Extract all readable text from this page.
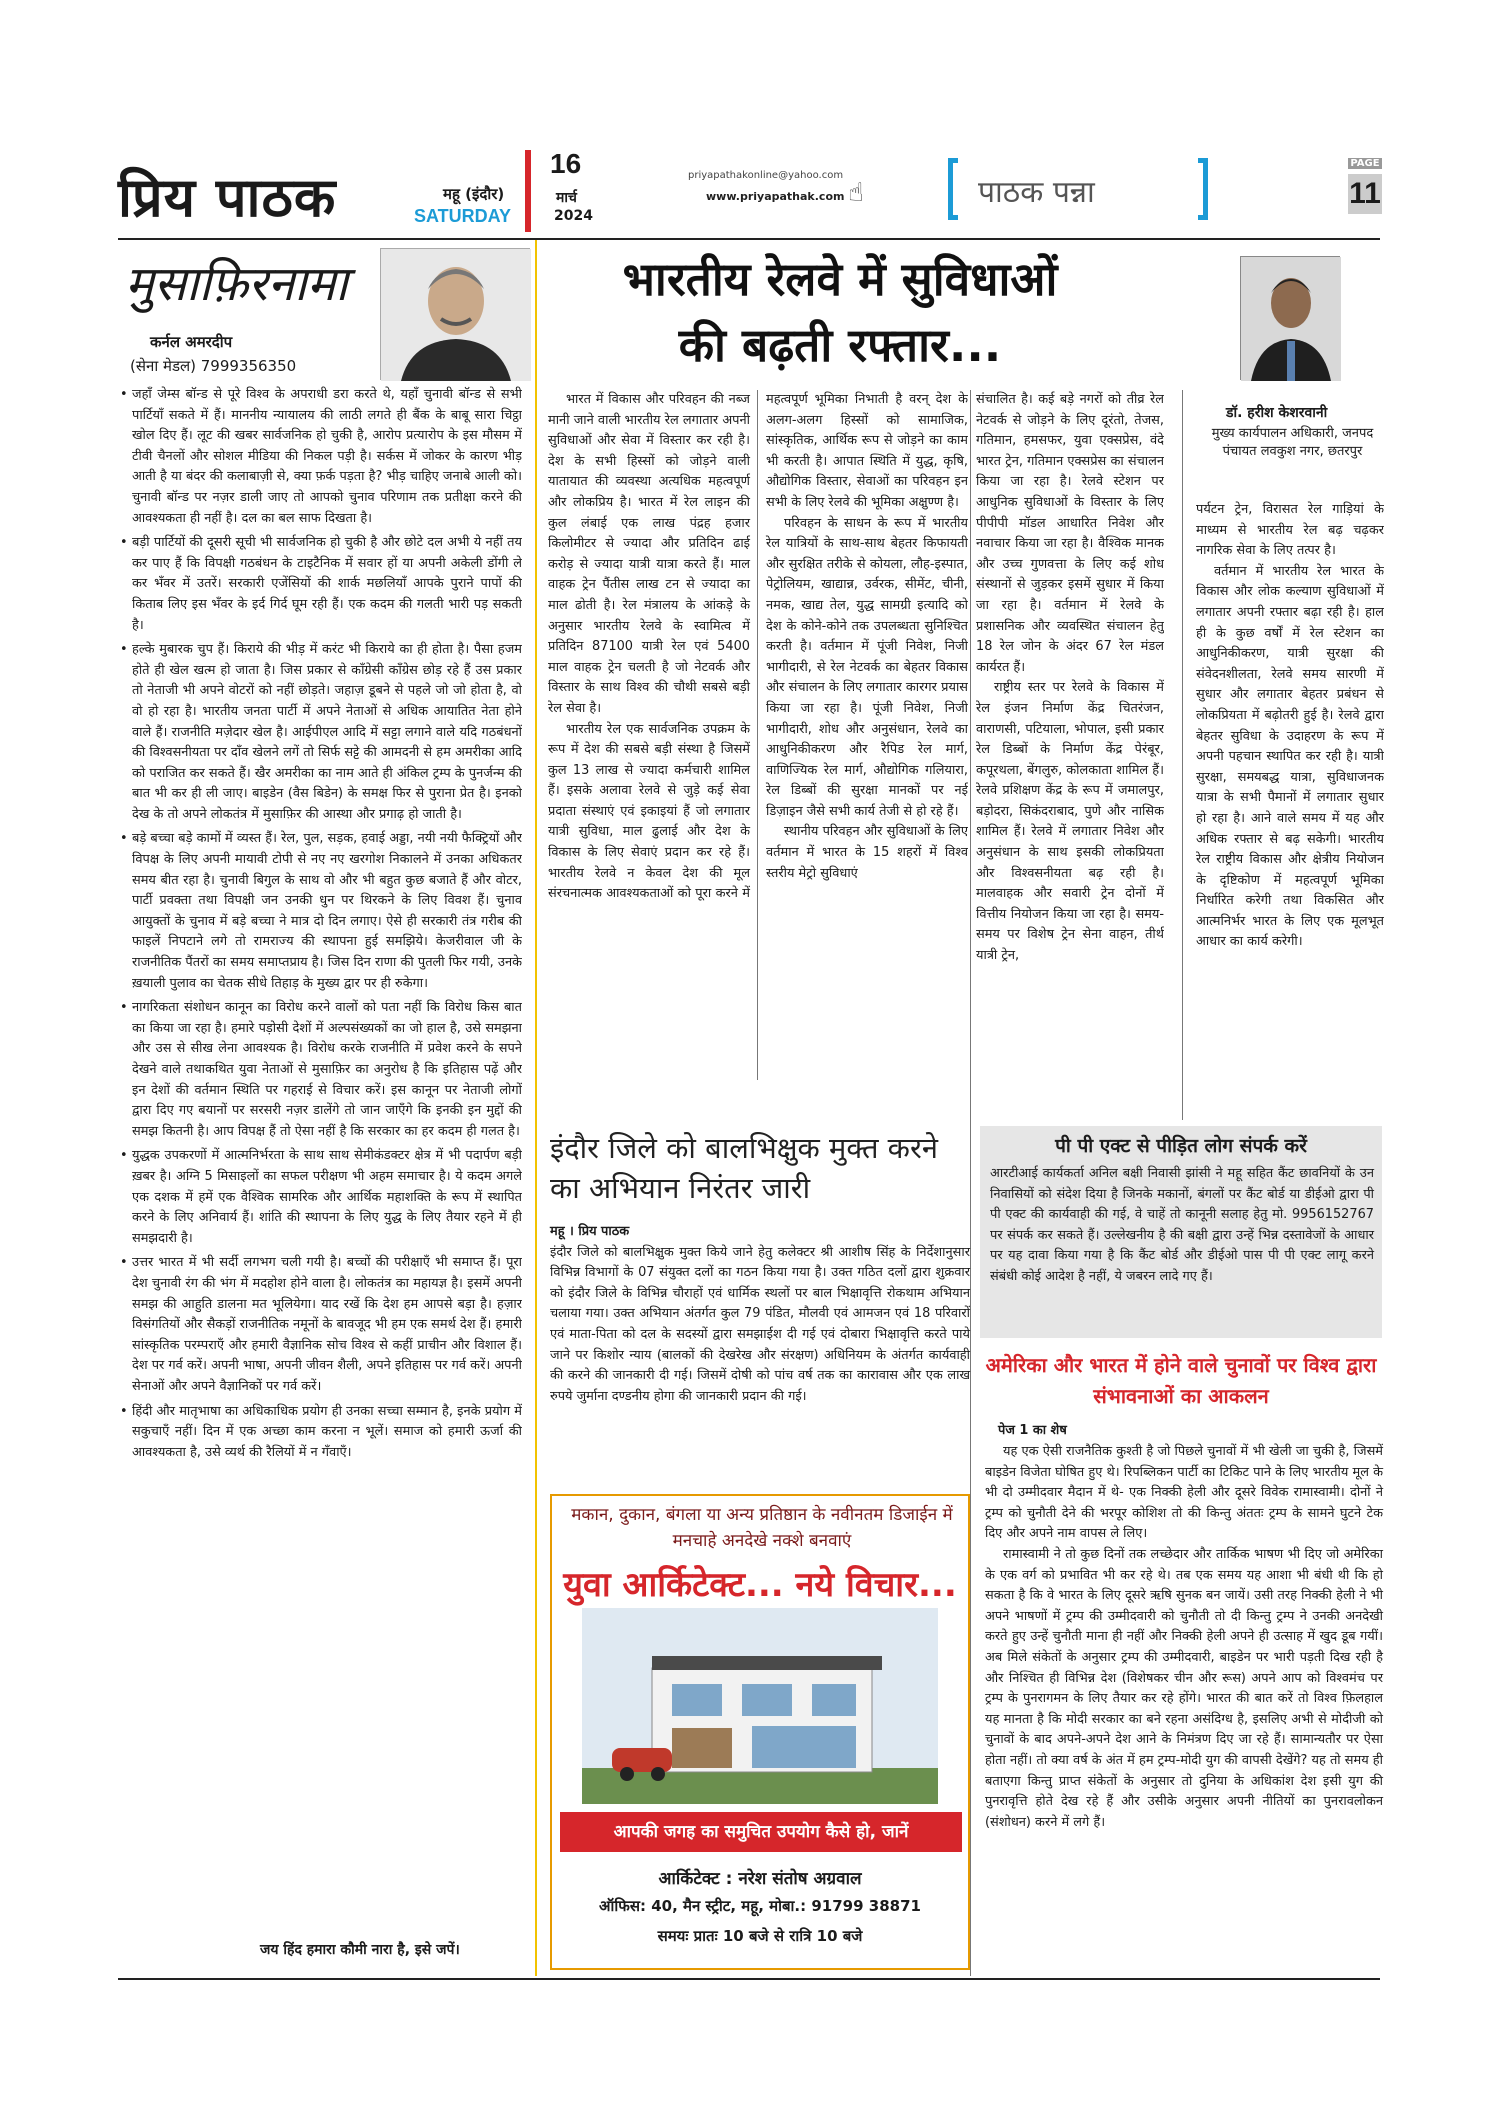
प्रिय पाठक	महू (इंदौर)
SATURDAY
16
मार्च
2024
priyapathakonline@yahoo.com
www.priyapathak.com ☝	पाठक पन्ना
PAGE
11
मुसाफ़िरनामा
कर्नल अमरदीप
(सेना मेडल) 7999356350
• जहाँ जेम्स बॉन्ड से पूरे विश्व के अपराधी डरा करते थे, यहाँ चुनावी बॉन्ड से सभी पार्टियाँ सकते में हैं। माननीय न्यायालय की लाठी लगते ही बैंक के बाबू सारा चिट्ठा खोल दिए हैं। लूट की खबर सार्वजनिक हो चुकी है, आरोप प्रत्यारोप के इस मौसम में टीवी चैनलों और सोशल मीडिया की निकल पड़ी है। सर्कस में जोकर के कारण भीड़ आती है या बंदर की कलाबाज़ी से, क्या फ़र्क पड़ता है? भीड़ चाहिए जनाबे आली को। चुनावी बॉन्ड पर नज़र डाली जाए तो आपको चुनाव परिणाम तक प्रतीक्षा करने की आवश्यकता ही नहीं है। दल का बल साफ दिखता है।
• बड़ी पार्टियों की दूसरी सूची भी सार्वजनिक हो चुकी है और छोटे दल अभी ये नहीं तय कर पाए हैं कि विपक्षी गठबंधन के टाइटैनिक में सवार हों या अपनी अकेली डोंगी ले कर भँवर में उतरें। सरकारी एजेंसियों की शार्क मछलियाँ आपके पुराने पापों की किताब लिए इस भँवर के इर्द गिर्द घूम रही हैं। एक कदम की गलती भारी पड़ सकती है।
• हल्के मुबारक चुप हैं। किराये की भीड़ में करंट भी किराये का ही होता है। पैसा हजम होते ही खेल खत्म हो जाता है। जिस प्रकार से कॉंग्रेसी कॉंग्रेस छोड़ रहे हैं उस प्रकार तो नेताजी भी अपने वोटरों को नहीं छोड़ते। जहाज़ डूबने से पहले जो जो होता है, वो वो हो रहा है। भारतीय जनता पार्टी में अपने नेताओं से अधिक आयातित नेता होने वाले हैं। राजनीति मज़ेदार खेल है। आईपीएल आदि में सट्टा लगाने वाले यदि गठबंधनों की विश्वसनीयता पर दाँव खेलने लगें तो सिर्फ सट्टे की आमदनी से हम अमरीका आदि को पराजित कर सकते हैं। खैर अमरीका का नाम आते ही अंकिल ट्रम्प के पुनर्जन्म की बात भी कर ही ली जाए। बाइडेन (वैस बिडेन) के समक्ष फिर से पुराना प्रेत है। इनको देख के तो अपने लोकतंत्र में मुसाफ़िर की आस्था और प्रगाढ़ हो जाती है।
• बड़े बच्चा बड़े कामों में व्यस्त हैं। रेल, पुल, सड़क, हवाई अड्डा, नयी नयी फैक्ट्रियों और विपक्ष के लिए अपनी मायावी टोपी से नए नए खरगोश निकालने में उनका अधिकतर समय बीत रहा है। चुनावी बिगुल के साथ वो और भी बहुत कुछ बजाते हैं और वोटर, पार्टी प्रवक्ता तथा विपक्षी जन उनकी धुन पर थिरकने के लिए विवश हैं। चुनाव आयुक्तों के चुनाव में बड़े बच्चा ने मात्र दो दिन लगाए। ऐसे ही सरकारी तंत्र गरीब की फाइलें निपटाने लगे तो रामराज्य की स्थापना हुई समझिये। केजरीवाल जी के राजनीतिक पैंतरों का समय समाप्तप्राय है। जिस दिन राणा की पुतली फिर गयी, उनके ख़याली पुलाव का चेतक सीधे तिहाड़ के मुख्य द्वार पर ही रुकेगा।
• नागरिकता संशोधन कानून का विरोध करने वालों को पता नहीं कि विरोध किस बात का किया जा रहा है। हमारे पड़ोसी देशों में अल्पसंख्यकों का जो हाल है, उसे समझना और उस से सीख लेना आवश्यक है। विरोध करके राजनीति में प्रवेश करने के सपने देखने वाले तथाकथित युवा नेताओं से मुसाफ़िर का अनुरोध है कि इतिहास पढ़ें और इन देशों की वर्तमान स्थिति पर गहराई से विचार करें। इस कानून पर नेताजी लोगों द्वारा दिए गए बयानों पर सरसरी नज़र डालेंगे तो जान जाएँगे कि इनकी इन मुद्दों की समझ कितनी है। आप विपक्ष हैं तो ऐसा नहीं है कि सरकार का हर कदम ही गलत है।
• युद्धक उपकरणों में आत्मनिर्भरता के साथ साथ सेमीकंडक्टर क्षेत्र में भी पदार्पण बड़ी ख़बर है। अग्नि 5 मिसाइलों का सफल परीक्षण भी अहम समाचार है। ये कदम अगले एक दशक में हमें एक वैश्विक सामरिक और आर्थिक महाशक्ति के रूप में स्थापित करने के लिए अनिवार्य हैं। शांति की स्थापना के लिए युद्ध के लिए तैयार रहने में ही समझदारी है।
• उत्तर भारत में भी सर्दी लगभग चली गयी है। बच्चों की परीक्षाएँ भी समाप्त हैं। पूरा देश चुनावी रंग की भंग में मदहोश होने वाला है। लोकतंत्र का महायज्ञ है। इसमें अपनी समझ की आहुति डालना मत भूलियेगा। याद रखें कि देश हम आपसे बड़ा है। हज़ार विसंगतियों और सैकड़ों राजनीतिक नमूनों के बावजूद भी हम एक समर्थ देश हैं। हमारी सांस्कृतिक परम्पराएँ और हमारी वैज्ञानिक सोच विश्व से कहीं प्राचीन और विशाल हैं। देश पर गर्व करें। अपनी भाषा, अपनी जीवन शैली, अपने इतिहास पर गर्व करें। अपनी सेनाओं और अपने वैज्ञानिकों पर गर्व करें।
• हिंदी और मातृभाषा का अधिकाधिक प्रयोग ही उनका सच्चा सम्मान है, इनके प्रयोग में सकुचाएँ नहीं। दिन में एक अच्छा काम करना न भूलें। समाज को हमारी ऊर्जा की आवश्यकता है, उसे व्यर्थ की रैलियों में न गँवाएँ।
जय हिंद हमारा कौमी नारा है, इसे जपें।
भारतीय रेलवे में सुविधाओं
की बढ़ती रफ्तार...
डॉ. हरीश केशरवानी
मुख्य कार्यपालन अधिकारी, जनपद पंचायत लवकुश नगर, छतरपुर

भारत में विकास और परिवहन की नब्ज मानी जाने वाली भारतीय रेल लगातार अपनी सुविधाओं और सेवा में विस्तार कर रही है। देश के सभी हिस्सों को जोड़ने वाली यातायात की व्यवस्था अत्यधिक महत्वपूर्ण और लोकप्रिय है। भारत में रेल लाइन की कुल लंबाई एक लाख पंद्रह हजार किलोमीटर से ज्यादा और प्रतिदिन ढाई करोड़ से ज्यादा यात्री यात्रा करते हैं। माल वाहक ट्रेन पैंतीस लाख टन से ज्यादा का माल ढोती है। रेल मंत्रालय के आंकड़े के अनुसार भारतीय रेलवे के स्वामित्व में प्रतिदिन 87100 यात्री रेल एवं 5400 माल वाहक ट्रेन चलती है जो नेटवर्क और विस्तार के साथ विश्व की चौथी सबसे बड़ी रेल सेवा है।

भारतीय रेल एक सार्वजनिक उपक्रम के रूप में देश की सबसे बड़ी संस्था है जिसमें कुल 13 लाख से ज्यादा कर्मचारी शामिल हैं। इसके अलावा रेलवे से जुड़े कई सेवा प्रदाता संस्थाएं एवं इकाइयां हैं जो लगातार यात्री सुविधा, माल ढुलाई और देश के विकास के लिए सेवाएं प्रदान कर रहे हैं। भारतीय रेलवे न केवल देश की मूल संरचनात्मक आवश्यकताओं को पूरा करने में महत्वपूर्ण भूमिका निभाती है वरन् देश के अलग-अलग हिस्सों को सामाजिक, सांस्कृतिक, आर्थिक रूप से जोड़ने का काम भी करती है। आपात स्थिति में युद्ध, कृषि, औद्योगिक विस्तार, सेवाओं का परिवहन इन सभी के लिए रेलवे की भूमिका अक्षुण्ण है।

परिवहन के साधन के रूप में भारतीय रेल यात्रियों के साथ-साथ बेहतर किफायती और सुरक्षित तरीके से कोयला, लौह-इस्पात, पेट्रोलियम, खाद्यान्न, उर्वरक, सीमेंट, चीनी, नमक, खाद्य तेल, युद्ध सामग्री इत्यादि को देश के कोने-कोने तक उपलब्धता सुनिश्चित करती है। वर्तमान में पूंजी निवेश, निजी भागीदारी, से रेल नेटवर्क का बेहतर विकास और संचालन के लिए लगातार कारगर प्रयास किया जा रहा है। पूंजी निवेश, निजी भागीदारी, शोध और अनुसंधान, रेलवे का आधुनिकीकरण और रैपिड रेल मार्ग, वाणिज्यिक रेल मार्ग, औद्योगिक गलियारा, रेल डिब्बों की सुरक्षा मानकों पर नई डिज़ाइन जैसे सभी कार्य तेजी से हो रहे हैं।

स्थानीय परिवहन और सुविधाओं के लिए वर्तमान में भारत के 15 शहरों में विश्व स्तरीय मेट्रो सुविधाएं

संचालित है। कई बड़े नगरों को तीव्र रेल नेटवर्क से जोड़ने के लिए दूरंतो, तेजस, गतिमान, हमसफर, युवा एक्सप्रेस, वंदे भारत ट्रेन, गतिमान एक्सप्रेस का संचालन किया जा रहा है। रेलवे स्टेशन पर आधुनिक सुविधाओं के विस्तार के लिए पीपीपी मॉडल आधारित निवेश और नवाचार किया जा रहा है। वैश्विक मानक और उच्च गुणवत्ता के लिए कई शोध संस्थानों से जुड़कर इसमें सुधार में किया जा रहा है। वर्तमान में रेलवे के प्रशासनिक और व्यवस्थित संचालन हेतु 18 रेल जोन के अंदर 67 रेल मंडल कार्यरत हैं।

राष्ट्रीय स्तर पर रेलवे के विकास में रेल इंजन निर्माण केंद्र चितरंजन, वाराणसी, पटियाला, भोपाल, इसी प्रकार रेल डिब्बों के निर्माण केंद्र पेरंबूर, कपूरथला, बेंगलुरु, कोलकाता शामिल हैं। रेलवे प्रशिक्षण केंद्र के रूप में जमालपुर, बड़ोदरा, सिकंदराबाद, पुणे और नासिक शामिल हैं। रेलवे में लगातार निवेश और अनुसंधान के साथ इसकी लोकप्रियता और विश्वसनीयता बढ़ रही है। मालवाहक और सवारी ट्रेन दोनों में वित्तीय नियोजन किया जा रहा है। समय-समय पर विशेष ट्रेन सेना वाहन, तीर्थ यात्री ट्रेन,

पर्यटन ट्रेन, विरासत रेल गाड़ियां के माध्यम से भारतीय रेल बढ़ चढ़कर नागरिक सेवा के लिए तत्पर है।

वर्तमान में भारतीय रेल भारत के विकास और लोक कल्याण सुविधाओं में लगातार अपनी रफ्तार बढ़ा रही है। हाल ही के कुछ वर्षों में रेल स्टेशन का आधुनिकीकरण, यात्री सुरक्षा की संवेदनशीलता, रेलवे समय सारणी में सुधार और लगातार बेहतर प्रबंधन से लोकप्रियता में बढ़ोतरी हुई है। रेलवे द्वारा बेहतर सुविधा के उदाहरण के रूप में अपनी पहचान स्थापित कर रही है। यात्री सुरक्षा, समयबद्ध यात्रा, सुविधाजनक यात्रा के सभी पैमानों में लगातार सुधार हो रहा है। आने वाले समय में यह और अधिक रफ्तार से बढ़ सकेगी। भारतीय रेल राष्ट्रीय विकास और क्षेत्रीय नियोजन के दृष्टिकोण में महत्वपूर्ण भूमिका निर्धारित करेगी तथा विकसित और आत्मनिर्भर भारत के लिए एक मूलभूत आधार का कार्य करेगी।

इंदौर जिले को बालभिक्षुक मुक्त करने का अभियान निरंतर जारी
महू । प्रिय पाठक
इंदौर जिले को बालभिक्षुक मुक्त किये जाने हेतु कलेक्टर श्री आशीष सिंह के निर्देशानुसार विभिन्न विभागों के 07 संयुक्त दलों का गठन किया गया है। उक्त गठित दलों द्वारा शुक्रवार को इंदौर जिले के विभिन्न चौराहों एवं धार्मिक स्थलों पर बाल भिक्षावृत्ति रोकथाम अभियान चलाया गया। उक्त अभियान अंतर्गत कुल 79 पंडित, मौलवी एवं आमजन एवं 18 परिवारों एवं माता-पिता को दल के सदस्यों द्वारा समझाईश दी गई एवं दोबारा भिक्षावृत्ति करते पाये जाने पर किशोर न्याय (बालकों की देखरेख और संरक्षण) अधिनियम के अंतर्गत कार्यवाही की करने की जानकारी दी गई। जिसमें दोषी को पांच वर्ष तक का कारावास और एक लाख रुपये जुर्माना दण्डनीय होगा की जानकारी प्रदान की गई।
पी पी एक्ट से पीड़ित लोग संपर्क करें
आरटीआई कार्यकर्ता अनिल बक्षी निवासी झांसी ने महू सहित कैंट छावनियों के उन निवासियों को संदेश दिया है जिनके मकानों, बंगलों पर कैंट बोर्ड या डीईओ द्वारा पी पी एक्ट की कार्यवाही की गई, वे चाहें तो कानूनी सलाह हेतु मो. 9956152767 पर संपर्क कर सकते हैं। उल्लेखनीय है की बक्षी द्वारा उन्हें भिन्न दस्तावेजों के आधार पर यह दावा किया गया है कि कैंट बोर्ड और डीईओ पास पी पी एक्ट लागू करने संबंधी कोई आदेश है नहीं, ये जबरन लादे गए हैं।
अमेरिका और भारत में होने वाले चुनावों पर विश्व द्वारा संभावनाओं का आकलन
पेज 1 का शेष

यह एक ऐसी राजनैतिक कुश्ती है जो पिछले चुनावों में भी खेली जा चुकी है, जिसमें बाइडेन विजेता घोषित हुए थे। रिपब्लिकन पार्टी का टिकिट पाने के लिए भारतीय मूल के भी दो उम्मीदवार मैदान में थे- एक निक्की हेली और दूसरे विवेक रामास्वामी। दोनों ने ट्रम्प को चुनौती देने की भरपूर कोशिश तो की किन्तु अंततः ट्रम्प के सामने घुटने टेक दिए और अपने नाम वापस ले लिए।

रामास्वामी ने तो कुछ दिनों तक लच्छेदार और तार्किक भाषण भी दिए जो अमेरिका के एक वर्ग को प्रभावित भी कर रहे थे। तब एक समय यह आशा भी बंधी थी कि हो सकता है कि वे भारत के लिए दूसरे ऋषि सुनक बन जायें। उसी तरह निक्की हेली ने भी अपने भाषणों में ट्रम्प की उम्मीदवारी को चुनौती तो दी किन्तु ट्रम्प ने उनकी अनदेखी करते हुए उन्हें चुनौती माना ही नहीं और निक्की हेली अपने ही उत्साह में खुद डूब गयीं। अब मिले संकेतों के अनुसार ट्रम्प की उम्मीदवारी, बाइडेन पर भारी पड़ती दिख रही है और निश्चित ही विभिन्न देश (विशेषकर चीन और रूस) अपने आप को विश्वमंच पर ट्रम्प के पुनरागमन के लिए तैयार कर रहे होंगे। भारत की बात करें तो विश्व फ़िलहाल यह मानता है कि मोदी सरकार का बने रहना असंदिग्ध है, इसलिए अभी से मोदीजी को चुनावों के बाद अपने-अपने देश आने के निमंत्रण दिए जा रहे हैं। सामान्यतौर पर ऐसा होता नहीं। तो क्या वर्ष के अंत में हम ट्रम्प-मोदी युग की वापसी देखेंगे? यह तो समय ही बताएगा किन्तु प्राप्त संकेतों के अनुसार तो दुनिया के अधिकांश देश इसी युग की पुनरावृत्ति होते देख रहे हैं और उसीके अनुसार अपनी नीतियों का पुनरावलोकन (संशोधन) करने में लगे हैं।

मकान, दुकान, बंगला या अन्य प्रतिष्ठान के नवीनतम डिजाईन में मनचाहे अनदेखे नक्शे बनवाएं
युवा आर्किटेक्ट... नये विचार...
आपकी जगह का समुचित उपयोग कैसे हो, जानें
आर्किटेक्ट : नरेश संतोष अग्रवाल
ऑफिस: 40, मैन स्ट्रीट, महू, मोबा.: 91799 38871
समयः प्रातः 10 बजे से रात्रि 10 बजे
